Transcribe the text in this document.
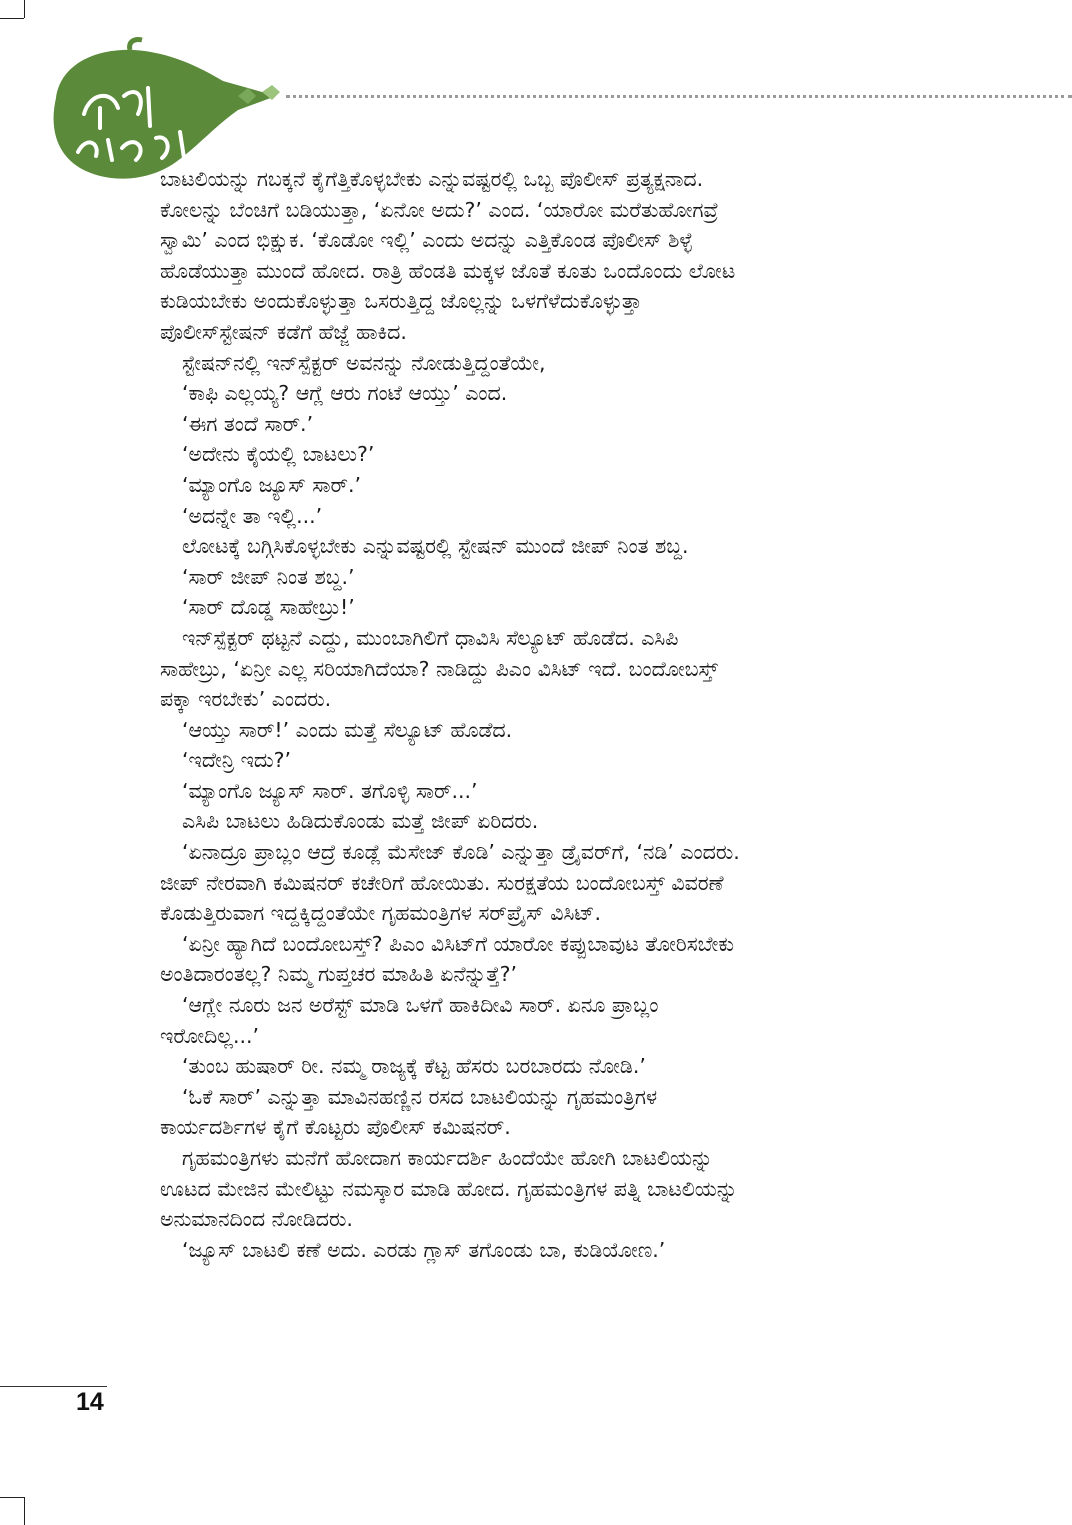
ಅತಿ ಸಣ್ಣ ಕತೆ

ಬಾಟಲಿಯನ್ನು ಗಬಕ್ಕನೆ ಕೈಗೆತ್ತಿಕೊಳ್ಳಬೇಕು ಎನ್ನುವಷ್ಟರಲ್ಲಿ ಒಬ್ಬ ಪೊಲೀಸ್ ಪ್ರತ್ಯಕ್ಷನಾದ.

ಕೋಲನ್ನು ಬೆಂಚಿಗೆ ಬಡಿಯುತ್ತಾ, ‘ಏನೋ ಅದು?’ ಎಂದ. ‘ಯಾರೋ ಮರೆತುಹೋಗವ್ರೆ

ಸ್ವಾಮಿ’ ಎಂದ ಭಿಕ್ಷುಕ. ‘ಕೊಡೋ ಇಲ್ಲಿ’ ಎಂದು ಅದನ್ನು ಎತ್ತಿಕೊಂಡ ಪೊಲೀಸ್ ಶಿಳ್ಳೆ

ಹೊಡೆಯುತ್ತಾ ಮುಂದೆ ಹೋದ. ರಾತ್ರಿ ಹೆಂಡತಿ ಮಕ್ಕಳ ಜೊತೆ ಕೂತು ಒಂದೊಂದು ಲೋಟ

ಕುಡಿಯಬೇಕು ಅಂದುಕೊಳ್ಳುತ್ತಾ ಒಸರುತ್ತಿದ್ದ ಜೊಲ್ಲನ್ನು ಒಳಗೆಳೆದುಕೊಳ್ಳುತ್ತಾ

ಪೊಲೀಸ್‌ಸ್ಟೇಷನ್ ಕಡೆಗೆ ಹೆಜ್ಜೆ ಹಾಕಿದ.

ಸ್ಟೇಷನ್‌ನಲ್ಲಿ ಇನ್‌ಸ್ಪೆಕ್ಟರ್ ಅವನನ್ನು ನೋಡುತ್ತಿದ್ದಂತೆಯೇ,

‘ಕಾಫಿ ಎಲ್ಲಯ್ಯ? ಆಗ್ಲೆ ಆರು ಗಂಟೆ ಆಯ್ತು’ ಎಂದ.

‘ಈಗ ತಂದೆ ಸಾರ್.’

‘ಅದೇನು ಕೈಯಲ್ಲಿ ಬಾಟಲು?’

‘ಮ್ಯಾಂಗೊ ಜ್ಯೂಸ್ ಸಾರ್.’

‘ಅದನ್ನೇ ತಾ ಇಲ್ಲಿ...’

ಲೋಟಕ್ಕೆ ಬಗ್ಗಿಸಿಕೊಳ್ಳಬೇಕು ಎನ್ನುವಷ್ಟರಲ್ಲಿ ಸ್ಟೇಷನ್ ಮುಂದೆ ಜೀಪ್ ನಿಂತ ಶಬ್ದ.

‘ಸಾರ್ ಜೀಪ್ ನಿಂತ ಶಬ್ದ.’

‘ಸಾರ್ ದೊಡ್ಡ ಸಾಹೇಬ್ರು!’

ಇನ್‌ಸ್ಪೆಕ್ಟರ್ ಥಟ್ಟನೆ ಎದ್ದು, ಮುಂಬಾಗಿಲಿಗೆ ಧಾವಿಸಿ ಸೆಲ್ಯೂಟ್ ಹೊಡೆದ. ಎಸಿಪಿ

ಸಾಹೇಬ್ರು, ‘ಏನ್ರೀ ಎಲ್ಲ ಸರಿಯಾಗಿದೆಯಾ? ನಾಡಿದ್ದು ಪಿಎಂ ವಿಸಿಟ್ ಇದೆ. ಬಂದೋಬಸ್ತ್

ಪಕ್ಕಾ ಇರಬೇಕು’ ಎಂದರು.

‘ಆಯ್ತು ಸಾರ್!’ ಎಂದು ಮತ್ತೆ ಸೆಲ್ಯೂಟ್ ಹೊಡೆದ.

‘ಇದೇನ್ರಿ ಇದು?’

‘ಮ್ಯಾಂಗೊ ಜ್ಯೂಸ್ ಸಾರ್. ತಗೊಳ್ಳಿ ಸಾರ್...’

ಎಸಿಪಿ ಬಾಟಲು ಹಿಡಿದುಕೊಂಡು ಮತ್ತೆ ಜೀಪ್ ಏರಿದರು.

‘ಏನಾದ್ರೂ ಪ್ರಾಬ್ಲಂ ಆದ್ರೆ ಕೂಡ್ಲೆ ಮೆಸೇಜ್ ಕೊಡಿ’ ಎನ್ನುತ್ತಾ ಡ್ರೈವರ್‌ಗೆ, ‘ನಡಿ’ ಎಂದರು.

ಜೀಪ್ ನೇರವಾಗಿ ಕಮಿಷನರ್ ಕಚೇರಿಗೆ ಹೋಯಿತು. ಸುರಕ್ಷತೆಯ ಬಂದೋಬಸ್ತ್ ವಿವರಣೆ

ಕೊಡುತ್ತಿರುವಾಗ ಇದ್ದಕ್ಕಿದ್ದಂತೆಯೇ ಗೃಹಮಂತ್ರಿಗಳ ಸರ್‌ಪ್ರೈಸ್ ವಿಸಿಟ್.

‘ಏನ್ರೀ ಹ್ಯಾಗಿದೆ ಬಂದೋಬಸ್ತ್? ಪಿಎಂ ವಿಸಿಟ್‌ಗೆ ಯಾರೋ ಕಪ್ಪುಬಾವುಟ ತೋರಿಸಬೇಕು

ಅಂತಿದಾರಂತಲ್ಲ? ನಿಮ್ಮ ಗುಪ್ತಚರ ಮಾಹಿತಿ ಏನೆನ್ನುತ್ತೆ?’

‘ಆಗ್ಲೇ ನೂರು ಜನ ಅರೆಸ್ಟ್ ಮಾಡಿ ಒಳಗೆ ಹಾಕಿದೀವಿ ಸಾರ್. ಏನೂ ಪ್ರಾಬ್ಲಂ

ಇರೋದಿಲ್ಲ...’

‘ತುಂಬ ಹುಷಾರ್ ರೀ. ನಮ್ಮ ರಾಜ್ಯಕ್ಕೆ ಕೆಟ್ಟ ಹೆಸರು ಬರಬಾರದು ನೋಡಿ.’

‘ಓಕೆ ಸಾರ್’ ಎನ್ನುತ್ತಾ ಮಾವಿನಹಣ್ಣಿನ ರಸದ ಬಾಟಲಿಯನ್ನು ಗೃಹಮಂತ್ರಿಗಳ

ಕಾರ್ಯದರ್ಶಿಗಳ ಕೈಗೆ ಕೊಟ್ಟರು ಪೊಲೀಸ್ ಕಮಿಷನರ್.

ಗೃಹಮಂತ್ರಿಗಳು ಮನೆಗೆ ಹೋದಾಗ ಕಾರ್ಯದರ್ಶಿ ಹಿಂದೆಯೇ ಹೋಗಿ ಬಾಟಲಿಯನ್ನು

ಊಟದ ಮೇಜಿನ ಮೇಲಿಟ್ಟು ನಮಸ್ಕಾರ ಮಾಡಿ ಹೋದ. ಗೃಹಮಂತ್ರಿಗಳ ಪತ್ನಿ ಬಾಟಲಿಯನ್ನು

ಅನುಮಾನದಿಂದ ನೋಡಿದರು.

‘ಜ್ಯೂಸ್ ಬಾಟಲಿ ಕಣೆ ಅದು. ಎರಡು ಗ್ಲಾಸ್ ತಗೊಂಡು ಬಾ, ಕುಡಿಯೋಣ.’

14
